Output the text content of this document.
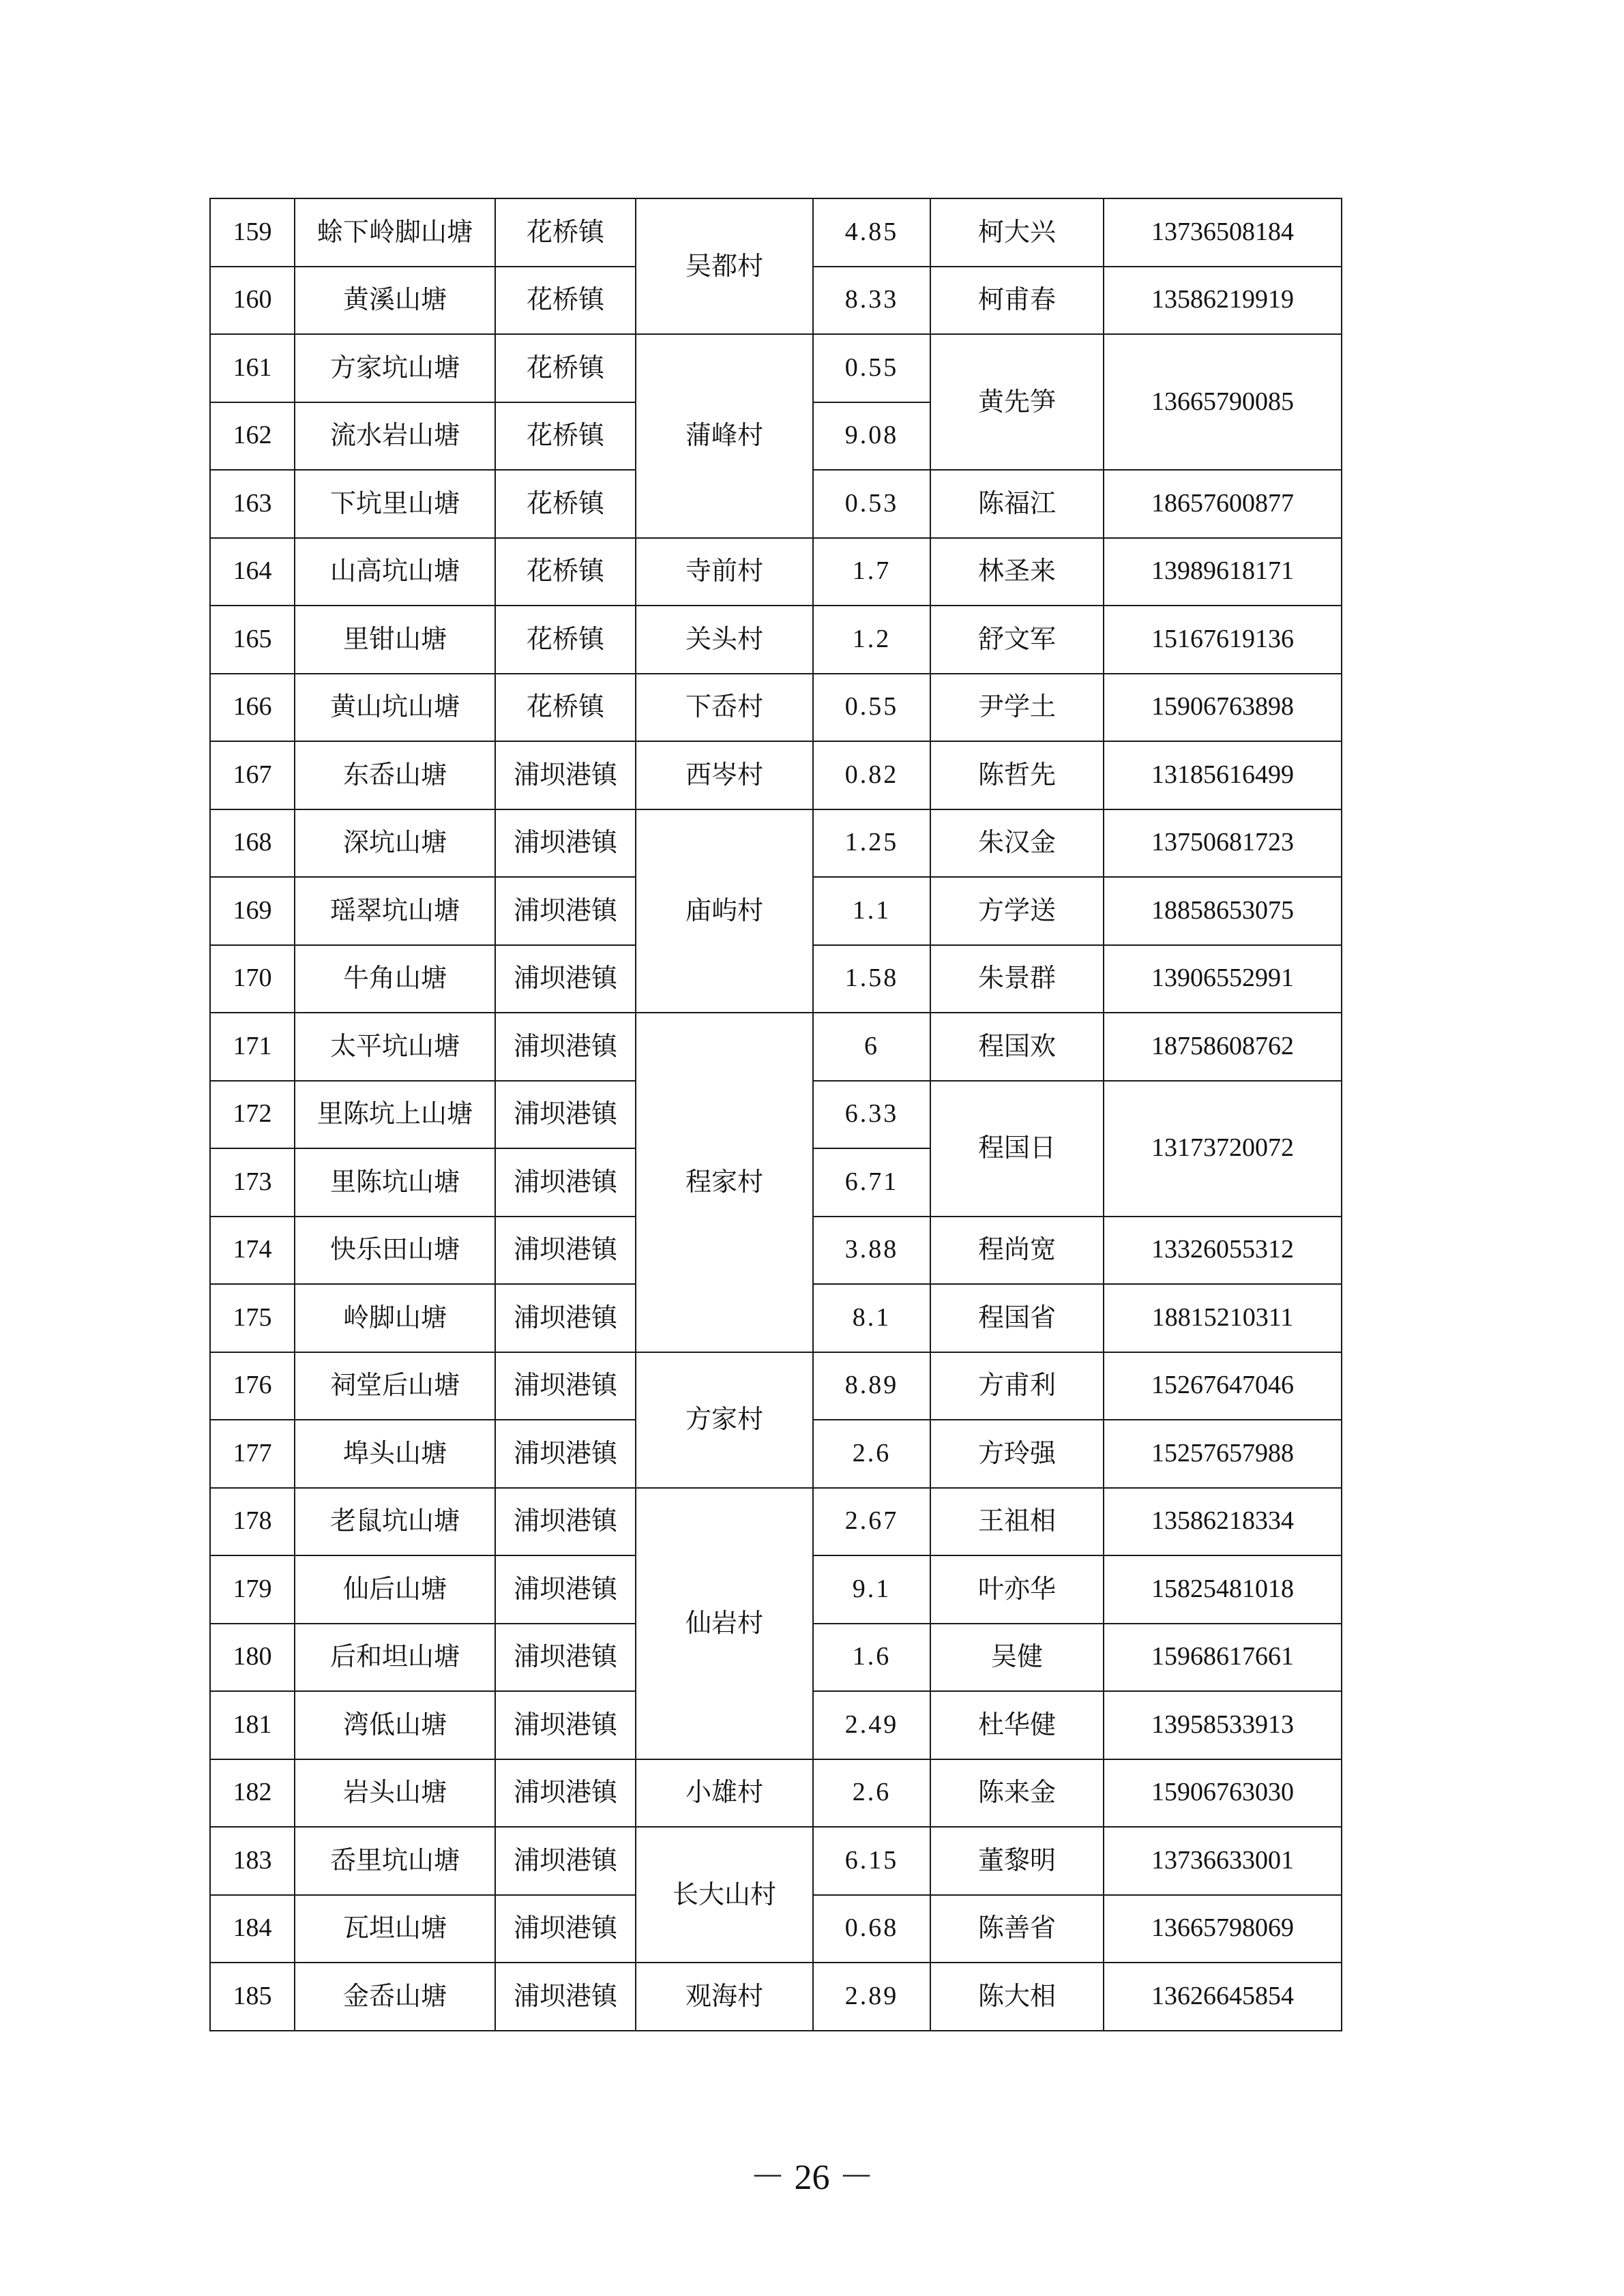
159	蜍下岭脚山塘	花桥镇	吴都村	4.85	柯大兴	13736508184
160	黄溪山塘	花桥镇		8.33	柯甫春	13586219919
161	方家坑山塘	花桥镇	蒲峰村	0.55	黄先笋	13665790085
162	流水岩山塘	花桥镇		9.08		
163	下坑里山塘	花桥镇		0.53	陈福江	18657600877
164	山高坑山塘	花桥镇	寺前村	1.7	林圣来	13989618171
165	里钳山塘	花桥镇	关头村	1.2	舒文军	15167619136
166	黄山坑山塘	花桥镇	下岙村	0.55	尹学土	15906763898
167	东岙山塘	浦坝港镇	西岑村	0.82	陈哲先	13185616499
168	深坑山塘	浦坝港镇	庙屿村	1.25	朱汉金	13750681723
169	瑶翠坑山塘	浦坝港镇		1.1	方学送	18858653075
170	牛角山塘	浦坝港镇		1.58	朱景群	13906552991
171	太平坑山塘	浦坝港镇	程家村	6	程国欢	18758608762
172	里陈坑上山塘	浦坝港镇		6.33	程国日	13173720072
173	里陈坑山塘	浦坝港镇		6.71		
174	快乐田山塘	浦坝港镇		3.88	程尚宽	13326055312
175	岭脚山塘	浦坝港镇		8.1	程国省	18815210311
176	祠堂后山塘	浦坝港镇	方家村	8.89	方甫利	15267647046
177	埠头山塘	浦坝港镇		2.6	方玲强	15257657988
178	老鼠坑山塘	浦坝港镇	仙岩村	2.67	王祖相	13586218334
179	仙后山塘	浦坝港镇		9.1	叶亦华	15825481018
180	后和坦山塘	浦坝港镇		1.6	吴健	15968617661
181	湾低山塘	浦坝港镇		2.49	杜华健	13958533913
182	岩头山塘	浦坝港镇	小雄村	2.6	陈来金	15906763030
183	岙里坑山塘	浦坝港镇	长大山村	6.15	董黎明	13736633001
184	瓦坦山塘	浦坝港镇		0.68	陈善省	13665798069
185	金岙山塘	浦坝港镇	观海村	2.89	陈大相	13626645854
－ 26 －
